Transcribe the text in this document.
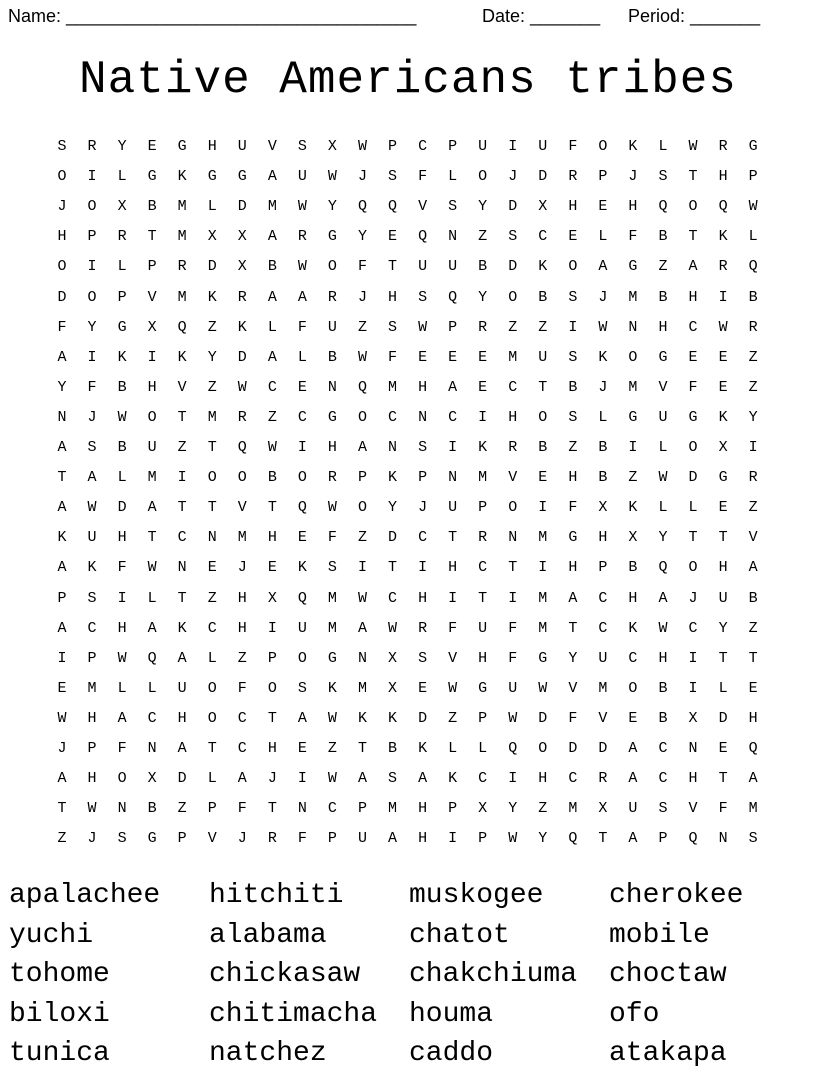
Name: ___________________________________	Date: _______ Period: _______
Native Americans tribes
S	R	Y	E	G	H	U	V	S	X	W	P	C	P	U	I	U	F	O	K	L	W	R	G
O	I	L	G	K	G	G	A	U	W	J	S	F	L	O	J	D	R	P	J	S	T	H	P
J	O	X	B	M	L	D	M	W	Y	Q	Q	V	S	Y	D	X	H	E	H	Q	O	Q	W
H	P	R	T	M	X	X	A	R	G	Y	E	Q	N	Z	S	C	E	L	F	B	T	K	L
O	I	L	P	R	D	X	B	W	O	F	T	U	U	B	D	K	O	A	G	Z	A	R	Q
D	O	P	V	M	K	R	A	A	R	J	H	S	Q	Y	O	B	S	J	M	B	H	I	B
F	Y	G	X	Q	Z	K	L	F	U	Z	S	W	P	R	Z	Z	I	W	N	H	C	W	R
A	I	K	I	K	Y	D	A	L	B	W	F	E	E	E	M	U	S	K	O	G	E	E	Z
Y	F	B	H	V	Z	W	C	E	N	Q	M	H	A	E	C	T	B	J	M	V	F	E	Z
N	J	W	O	T	M	R	Z	C	G	O	C	N	C	I	H	O	S	L	G	U	G	K	Y
A	S	B	U	Z	T	Q	W	I	H	A	N	S	I	K	R	B	Z	B	I	L	O	X	I
T	A	L	M	I	O	O	B	O	R	P	K	P	N	M	V	E	H	B	Z	W	D	G	R
A	W	D	A	T	T	V	T	Q	W	O	Y	J	U	P	O	I	F	X	K	L	L	E	Z
K	U	H	T	C	N	M	H	E	F	Z	D	C	T	R	N	M	G	H	X	Y	T	T	V
A	K	F	W	N	E	J	E	K	S	I	T	I	H	C	T	I	H	P	B	Q	O	H	A
P	S	I	L	T	Z	H	X	Q	M	W	C	H	I	T	I	M	A	C	H	A	J	U	B
A	C	H	A	K	C	H	I	U	M	A	W	R	F	U	F	M	T	C	K	W	C	Y	Z
I	P	W	Q	A	L	Z	P	O	G	N	X	S	V	H	F	G	Y	U	C	H	I	T	T
E	M	L	L	U	O	F	O	S	K	M	X	E	W	G	U	W	V	M	O	B	I	L	E
W	H	A	C	H	O	C	T	A	W	K	K	D	Z	P	W	D	F	V	E	B	X	D	H
J	P	F	N	A	T	C	H	E	Z	T	B	K	L	L	Q	O	D	D	A	C	N	E	Q
A	H	O	X	D	L	A	J	I	W	A	S	A	K	C	I	H	C	R	A	C	H	T	A
T	W	N	B	Z	P	F	T	N	C	P	M	H	P	X	Y	Z	M	X	U	S	V	F	M
Z	J	S	G	P	V	J	R	F	P	U	A	H	I	P	W	Y	Q	T	A	P	Q	N	S
apalachee hitchiti muskogee cherokee
yuchi	alabama	chatot	mobile
tohome	chickasaw chakchiuma choctaw
biloxi	chitimacha houma	ofo
tunica	natchez	caddo	atakapa
